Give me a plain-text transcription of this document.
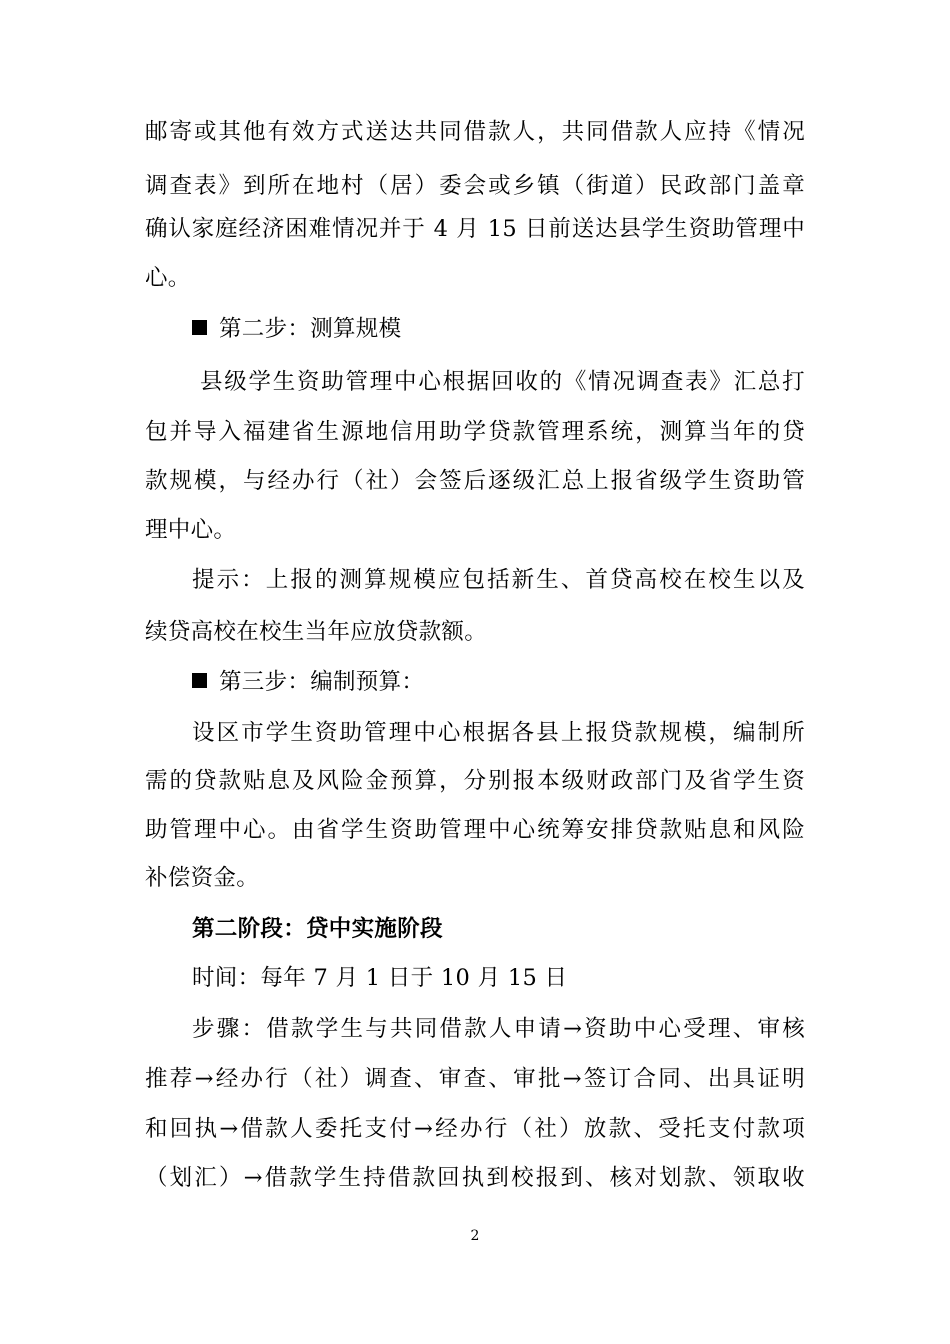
邮寄或其他有效方式送达共同借款人，共同借款人应持《情况
调查表》到所在地村（居）委会或乡镇（街道）民政部门盖章
确认家庭经济困难情况并于 4 月 15 日前送达县学生资助管理中
心。
第二步：测算规模
县级学生资助管理中心根据回收的《情况调查表》汇总打
包并导入福建省生源地信用助学贷款管理系统，测算当年的贷
款规模，与经办行（社）会签后逐级汇总上报省级学生资助管
理中心。
提示：上报的测算规模应包括新生、首贷高校在校生以及
续贷高校在校生当年应放贷款额。
第三步：编制预算：
设区市学生资助管理中心根据各县上报贷款规模，编制所
需的贷款贴息及风险金预算，分别报本级财政部门及省学生资
助管理中心。由省学生资助管理中心统筹安排贷款贴息和风险
补偿资金。
第二阶段：贷中实施阶段
时间：每年 7 月 1 日于 10 月 15 日
步骤：借款学生与共同借款人申请→资助中心受理、审核
推荐→经办行（社）调查、审查、审批→签订合同、出具证明
和回执→借款人委托支付→经办行（社）放款、受托支付款项
（划汇）→借款学生持借款回执到校报到、核对划款、领取收
2
